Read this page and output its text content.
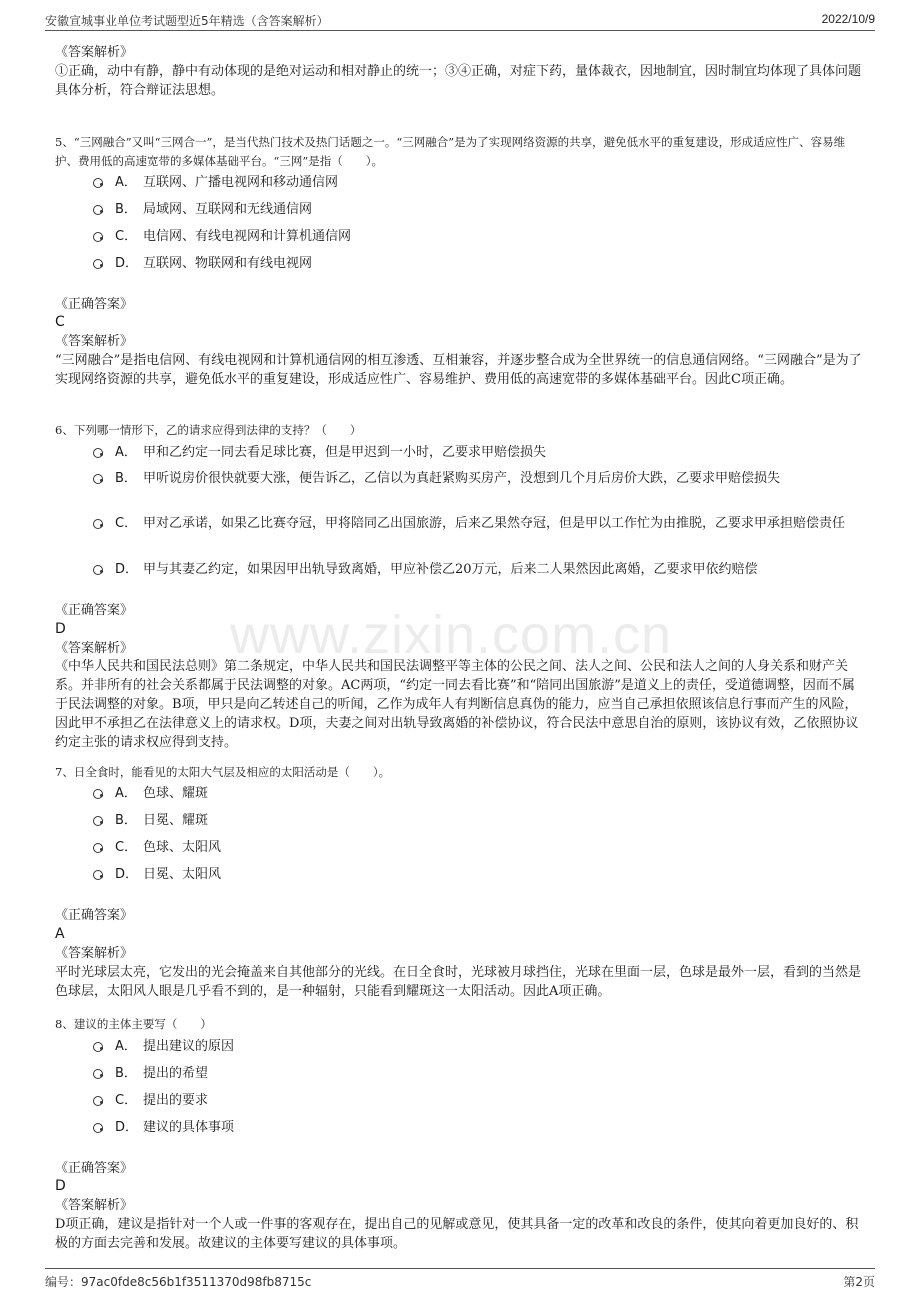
安徽宣城事业单位考试题型近5年精选（含答案解析）	2022/10/9
www.zixin.com.cn
《答案解析》
①正确，动中有静，静中有动体现的是绝对运动和相对静止的统一；③④正确，对症下药，量体裁衣，因地制宜，因时制宜均体现了具体问题具体分析，符合辩证法思想。
5、“三网融合”又叫“三网合一”，是当代热门技术及热门话题之一。“三网融合”是为了实现网络资源的共享，避免低水平的重复建设，形成适应性广、容易维护、费用低的高速宽带的多媒体基础平台。“三网”是指（　　）。
A． 互联网、广播电视网和移动通信网
B． 局域网、互联网和无线通信网
C． 电信网、有线电视网和计算机通信网
D． 互联网、物联网和有线电视网
《正确答案》
C
《答案解析》
“三网融合”是指电信网、有线电视网和计算机通信网的相互渗透、互相兼容，并逐步整合成为全世界统一的信息通信网络。“三网融合”是为了实现网络资源的共享，避免低水平的重复建设，形成适应性广、容易维护、费用低的高速宽带的多媒体基础平台。因此C项正确。
6、下列哪一情形下，乙的请求应得到法律的支持？（　　）
A． 甲和乙约定一同去看足球比赛，但是甲迟到一小时，乙要求甲赔偿损失
B． 甲听说房价很快就要大涨，便告诉乙，乙信以为真赶紧购买房产，没想到几个月后房价大跌，乙要求甲赔偿损失
C． 甲对乙承诺，如果乙比赛夺冠，甲将陪同乙出国旅游，后来乙果然夺冠，但是甲以工作忙为由推脱，乙要求甲承担赔偿责任
D． 甲与其妻乙约定，如果因甲出轨导致离婚，甲应补偿乙20万元，后来二人果然因此离婚，乙要求甲依约赔偿
《正确答案》
D
《答案解析》
《中华人民共和国民法总则》第二条规定，中华人民共和国民法调整平等主体的公民之间、法人之间、公民和法人之间的人身关系和财产关系。并非所有的社会关系都属于民法调整的对象。AC两项，“约定一同去看比赛”和“陪同出国旅游”是道义上的责任，受道德调整，因而不属于民法调整的对象。B项，甲只是向乙转述自己的听闻，乙作为成年人有判断信息真伪的能力，应当自己承担依照该信息行事而产生的风险，因此甲不承担乙在法律意义上的请求权。D项，夫妻之间对出轨导致离婚的补偿协议，符合民法中意思自治的原则，该协议有效，乙依照协议约定主张的请求权应得到支持。
7、日全食时，能看见的太阳大气层及相应的太阳活动是（　　）。
A． 色球、耀斑
B． 日冕、耀斑
C． 色球、太阳风
D． 日冕、太阳风
《正确答案》
A
《答案解析》
平时光球层太亮，它发出的光会掩盖来自其他部分的光线。在日全食时，光球被月球挡住，光球在里面一层，色球是最外一层，看到的当然是色球层，太阳风人眼是几乎看不到的，是一种辐射，只能看到耀斑这一太阳活动。因此A项正确。
8、建议的主体主要写（　　）
A． 提出建议的原因
B． 提出的希望
C． 提出的要求
D． 建议的具体事项
《正确答案》
D
《答案解析》
D项正确，建议是指针对一个人或一件事的客观存在，提出自己的见解或意见，使其具备一定的改革和改良的条件，使其向着更加良好的、积极的方面去完善和发展。故建议的主体要写建议的具体事项。
编号：97ac0fde8c56b1f3511370d98fb8715c	第2页
